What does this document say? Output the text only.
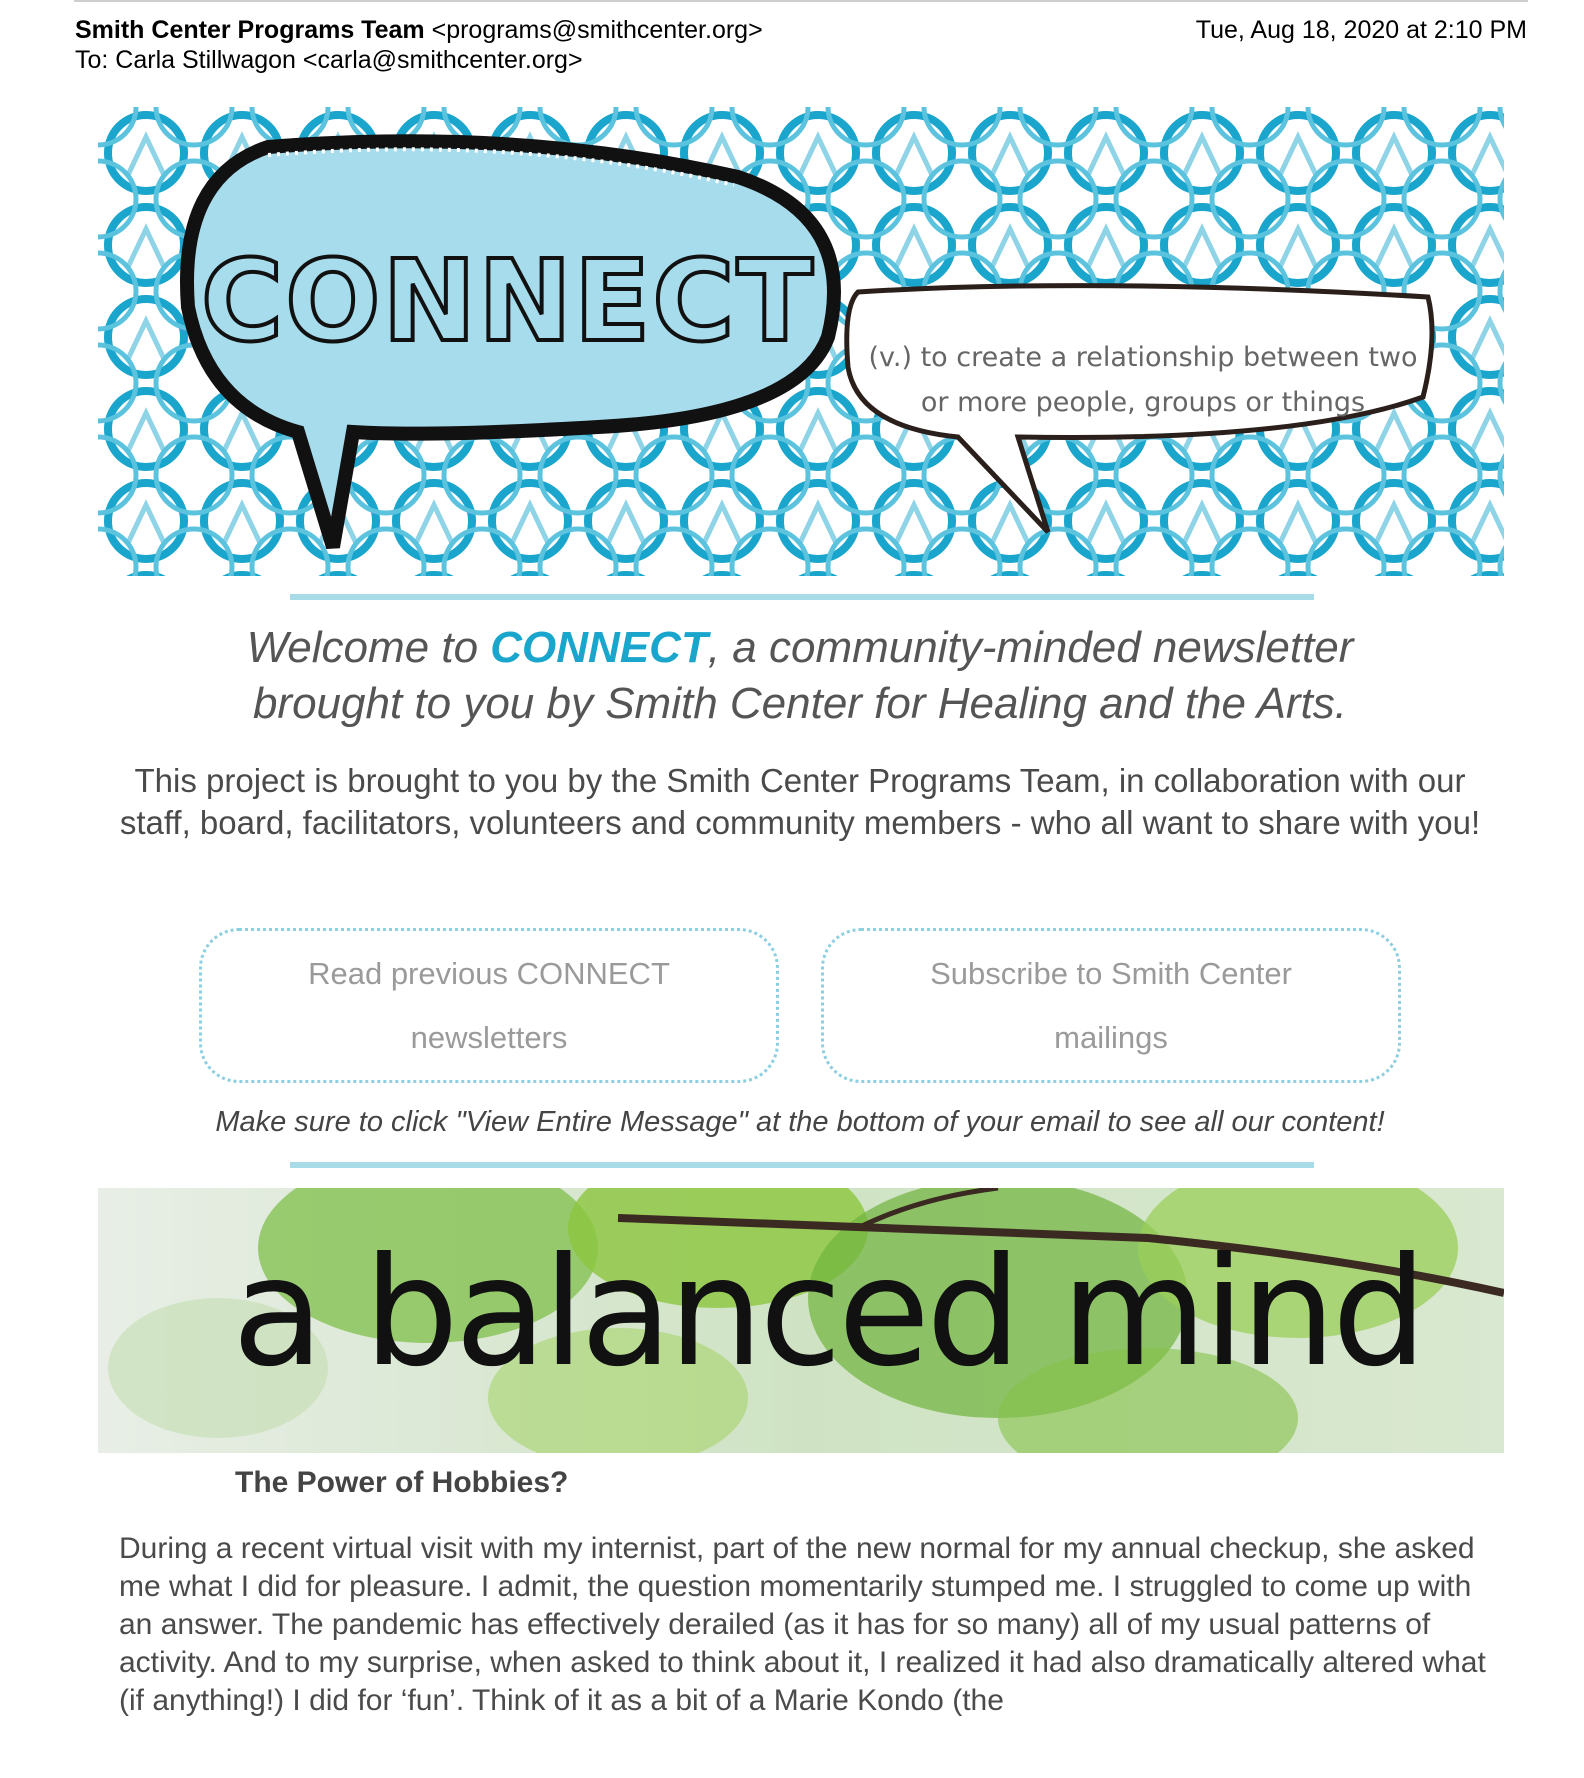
Smith Center Programs Team <programs@smithcenter.org>
To: Carla Stillwagon <carla@smithcenter.org>
Tue, Aug 18, 2020 at 2:10 PM
CONNECT (v.) to create a relationship between two
or more people, groups or things
Welcome to CONNECT, a community-minded newsletter
brought to you by Smith Center for Healing and the Arts.
This project is brought to you by the Smith Center Programs Team, in collaboration with our staff, board, facilitators, volunteers and community members - who all want to share with you!
Read previous CONNECT newsletters
Subscribe to Smith Center mailings
Make sure to click "View Entire Message" at the bottom of your email to see all our content!
a balanced mind
The Power of Hobbies?
During a recent virtual visit with my internist, part of the new normal for my annual checkup, she asked me what I did for pleasure. I admit, the question momentarily stumped me. I struggled to come up with an answer. The pandemic has effectively derailed (as it has for so many) all of my usual patterns of activity. And to my surprise, when asked to think about it, I realized it had also dramatically altered what (if anything!) I did for ‘fun’. Think of it as a bit of a Marie Kondo (the
